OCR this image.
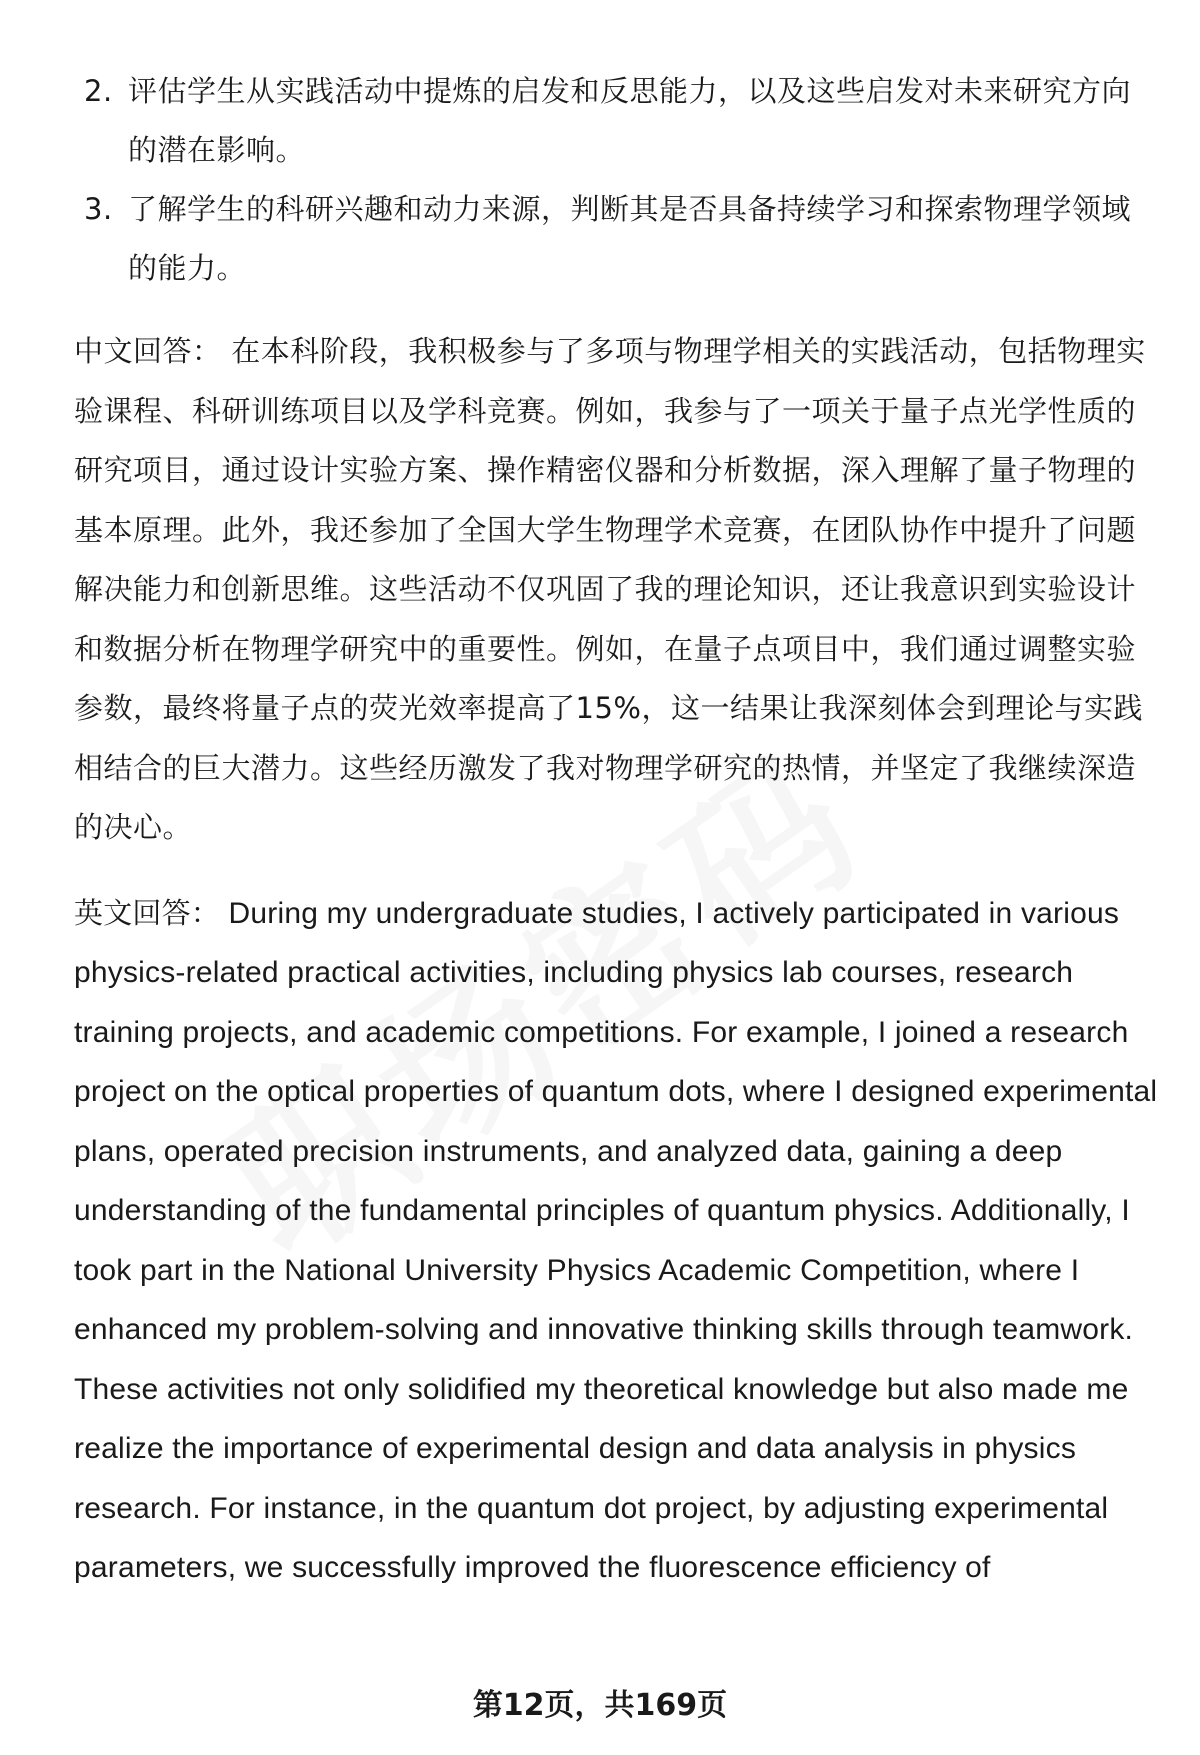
2. 评估学生从实践活动中提炼的启发和反思能力，以及这些启发对未来研究方向的潜在影响。
3. 了解学生的科研兴趣和动力来源，判断其是否具备持续学习和探索物理学领域的能力。
中文回答： 在本科阶段，我积极参与了多项与物理学相关的实践活动，包括物理实验课程、科研训练项目以及学科竞赛。例如，我参与了一项关于量子点光学性质的研究项目，通过设计实验方案、操作精密仪器和分析数据，深入理解了量子物理的基本原理。此外，我还参加了全国大学生物理学术竞赛，在团队协作中提升了问题解决能力和创新思维。这些活动不仅巩固了我的理论知识，还让我意识到实验设计和数据分析在物理学研究中的重要性。例如，在量子点项目中，我们通过调整实验参数，最终将量子点的荧光效率提高了15%，这一结果让我深刻体会到理论与实践相结合的巨大潜力。这些经历激发了我对物理学研究的热情，并坚定了我继续深造的决心。
英文回答： During my undergraduate studies, I actively participated in various physics-related practical activities, including physics lab courses, research training projects, and academic competitions. For example, I joined a research project on the optical properties of quantum dots, where I designed experimental plans, operated precision instruments, and analyzed data, gaining a deep understanding of the fundamental principles of quantum physics. Additionally, I took part in the National University Physics Academic Competition, where I enhanced my problem-solving and innovative thinking skills through teamwork. These activities not only solidified my theoretical knowledge but also made me realize the importance of experimental design and data analysis in physics research. For instance, in the quantum dot project, by adjusting experimental parameters, we successfully improved the fluorescence efficiency of
第12页，共169页
